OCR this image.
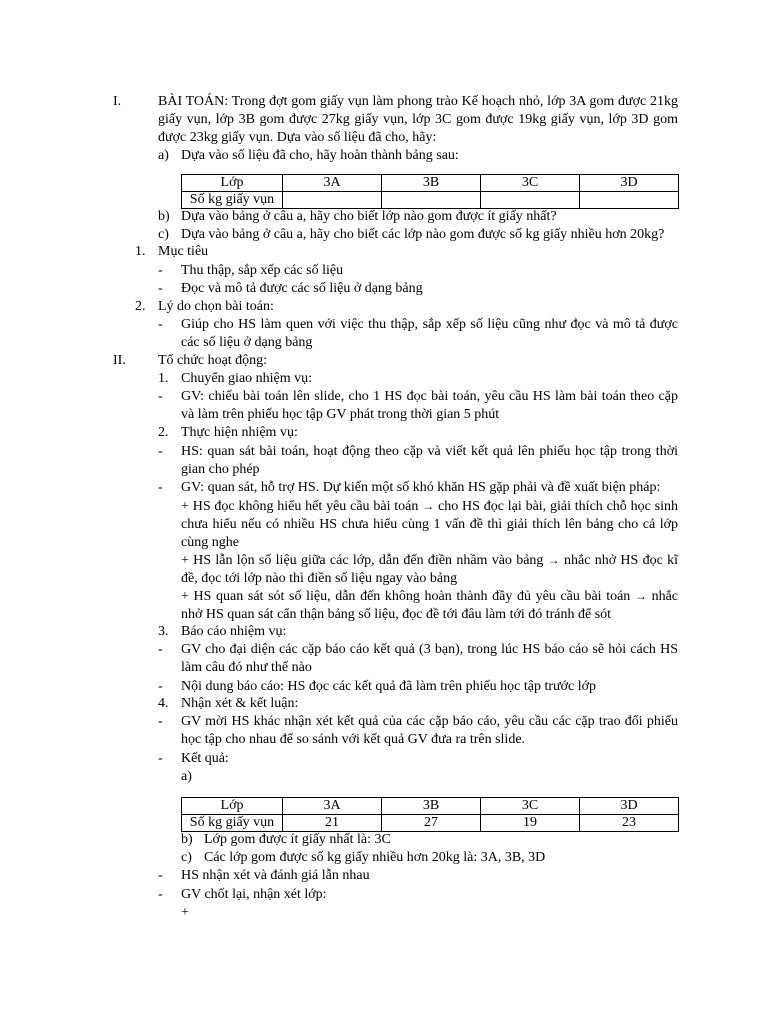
I.	BÀI TOÁN: Trong đợt gom giấy vụn làm phong trào Kế hoạch nhỏ, lớp 3A gom được 21kg giấy vụn, lớp 3B gom được 27kg giấy vụn, lớp 3C gom được 19kg giấy vụn, lớp 3D gom được 23kg giấy vụn. Dựa vào số liệu đã cho, hãy:
a) Dựa vào số liệu đã cho, hãy hoàn thành bảng sau:
Lớp	3A	3B	3C	3D
Số kg giấy vụn				
b) Dựa vào bảng ở câu a, hãy cho biết lớp nào gom được ít giấy nhất?
c) Dựa vào bảng ở câu a, hãy cho biết các lớp nào gom được số kg giấy nhiều hơn 20kg?
1. Mục tiêu
- Thu thập, sắp xếp các số liệu
- Đọc và mô tả được các số liệu ở dạng bảng
2. Lý do chọn bài toán:
- Giúp cho HS làm quen với việc thu thập, sắp xếp số liệu cũng như đọc và mô tả được các số liệu ở dạng bảng
II. Tổ chức hoạt động:
1. Chuyển giao nhiệm vụ:
- GV: chiếu bài toán lên slide, cho 1 HS đọc bài toán, yêu cầu HS làm bài toán theo cặp và làm trên phiếu học tập GV phát trong thời gian 5 phút
2. Thực hiện nhiệm vụ:
- HS: quan sát bài toán, hoạt động theo cặp và viết kết quả lên phiếu học tập trong thời gian cho phép
- GV: quan sát, hỗ trợ HS. Dự kiến một số khó khăn HS gặp phải và đề xuất biện pháp:
+ HS đọc không hiểu hết yêu cầu bài toán → cho HS đọc lại bài, giải thích chỗ học sinh chưa hiểu nếu có nhiều HS chưa hiểu cùng 1 vấn đề thì giải thích lên bảng cho cả lớp cùng nghe
+ HS lẫn lộn số liệu giữa các lớp, dẫn đến điền nhầm vào bảng → nhắc nhở HS đọc kĩ đề, đọc tới lớp nào thì điền số liệu ngay vào bảng
+ HS quan sát sót số liệu, dẫn đến không hoàn thành đầy đủ yêu cầu bài toán → nhắc nhở HS quan sát cẩn thận bảng số liệu, đọc đề tới đâu làm tới đó tránh để sót
3. Báo cáo nhiệm vụ:
- GV cho đại diện các cặp báo cáo kết quả (3 bạn), trong lúc HS báo cáo sẽ hỏi cách HS làm câu đó như thế nào
- Nội dung báo cáo: HS đọc các kết quả đã làm trên phiếu học tập trước lớp
4. Nhận xét & kết luận:
- GV mời HS khác nhận xét kết quả của các cặp báo cáo, yêu cầu các cặp trao đổi phiếu học tập cho nhau để so sánh với kết quả GV đưa ra trên slide.
- Kết quả:
a)
Lớp	3A	3B	3C	3D
Số kg giấy vụn	21	27	19	23
b) Lớp gom được ít giấy nhất là: 3C
c) Các lớp gom được số kg giấy nhiều hơn 20kg là: 3A, 3B, 3D
- HS nhận xét và đánh giá lẫn nhau
- GV chốt lại, nhận xét lớp:
+
